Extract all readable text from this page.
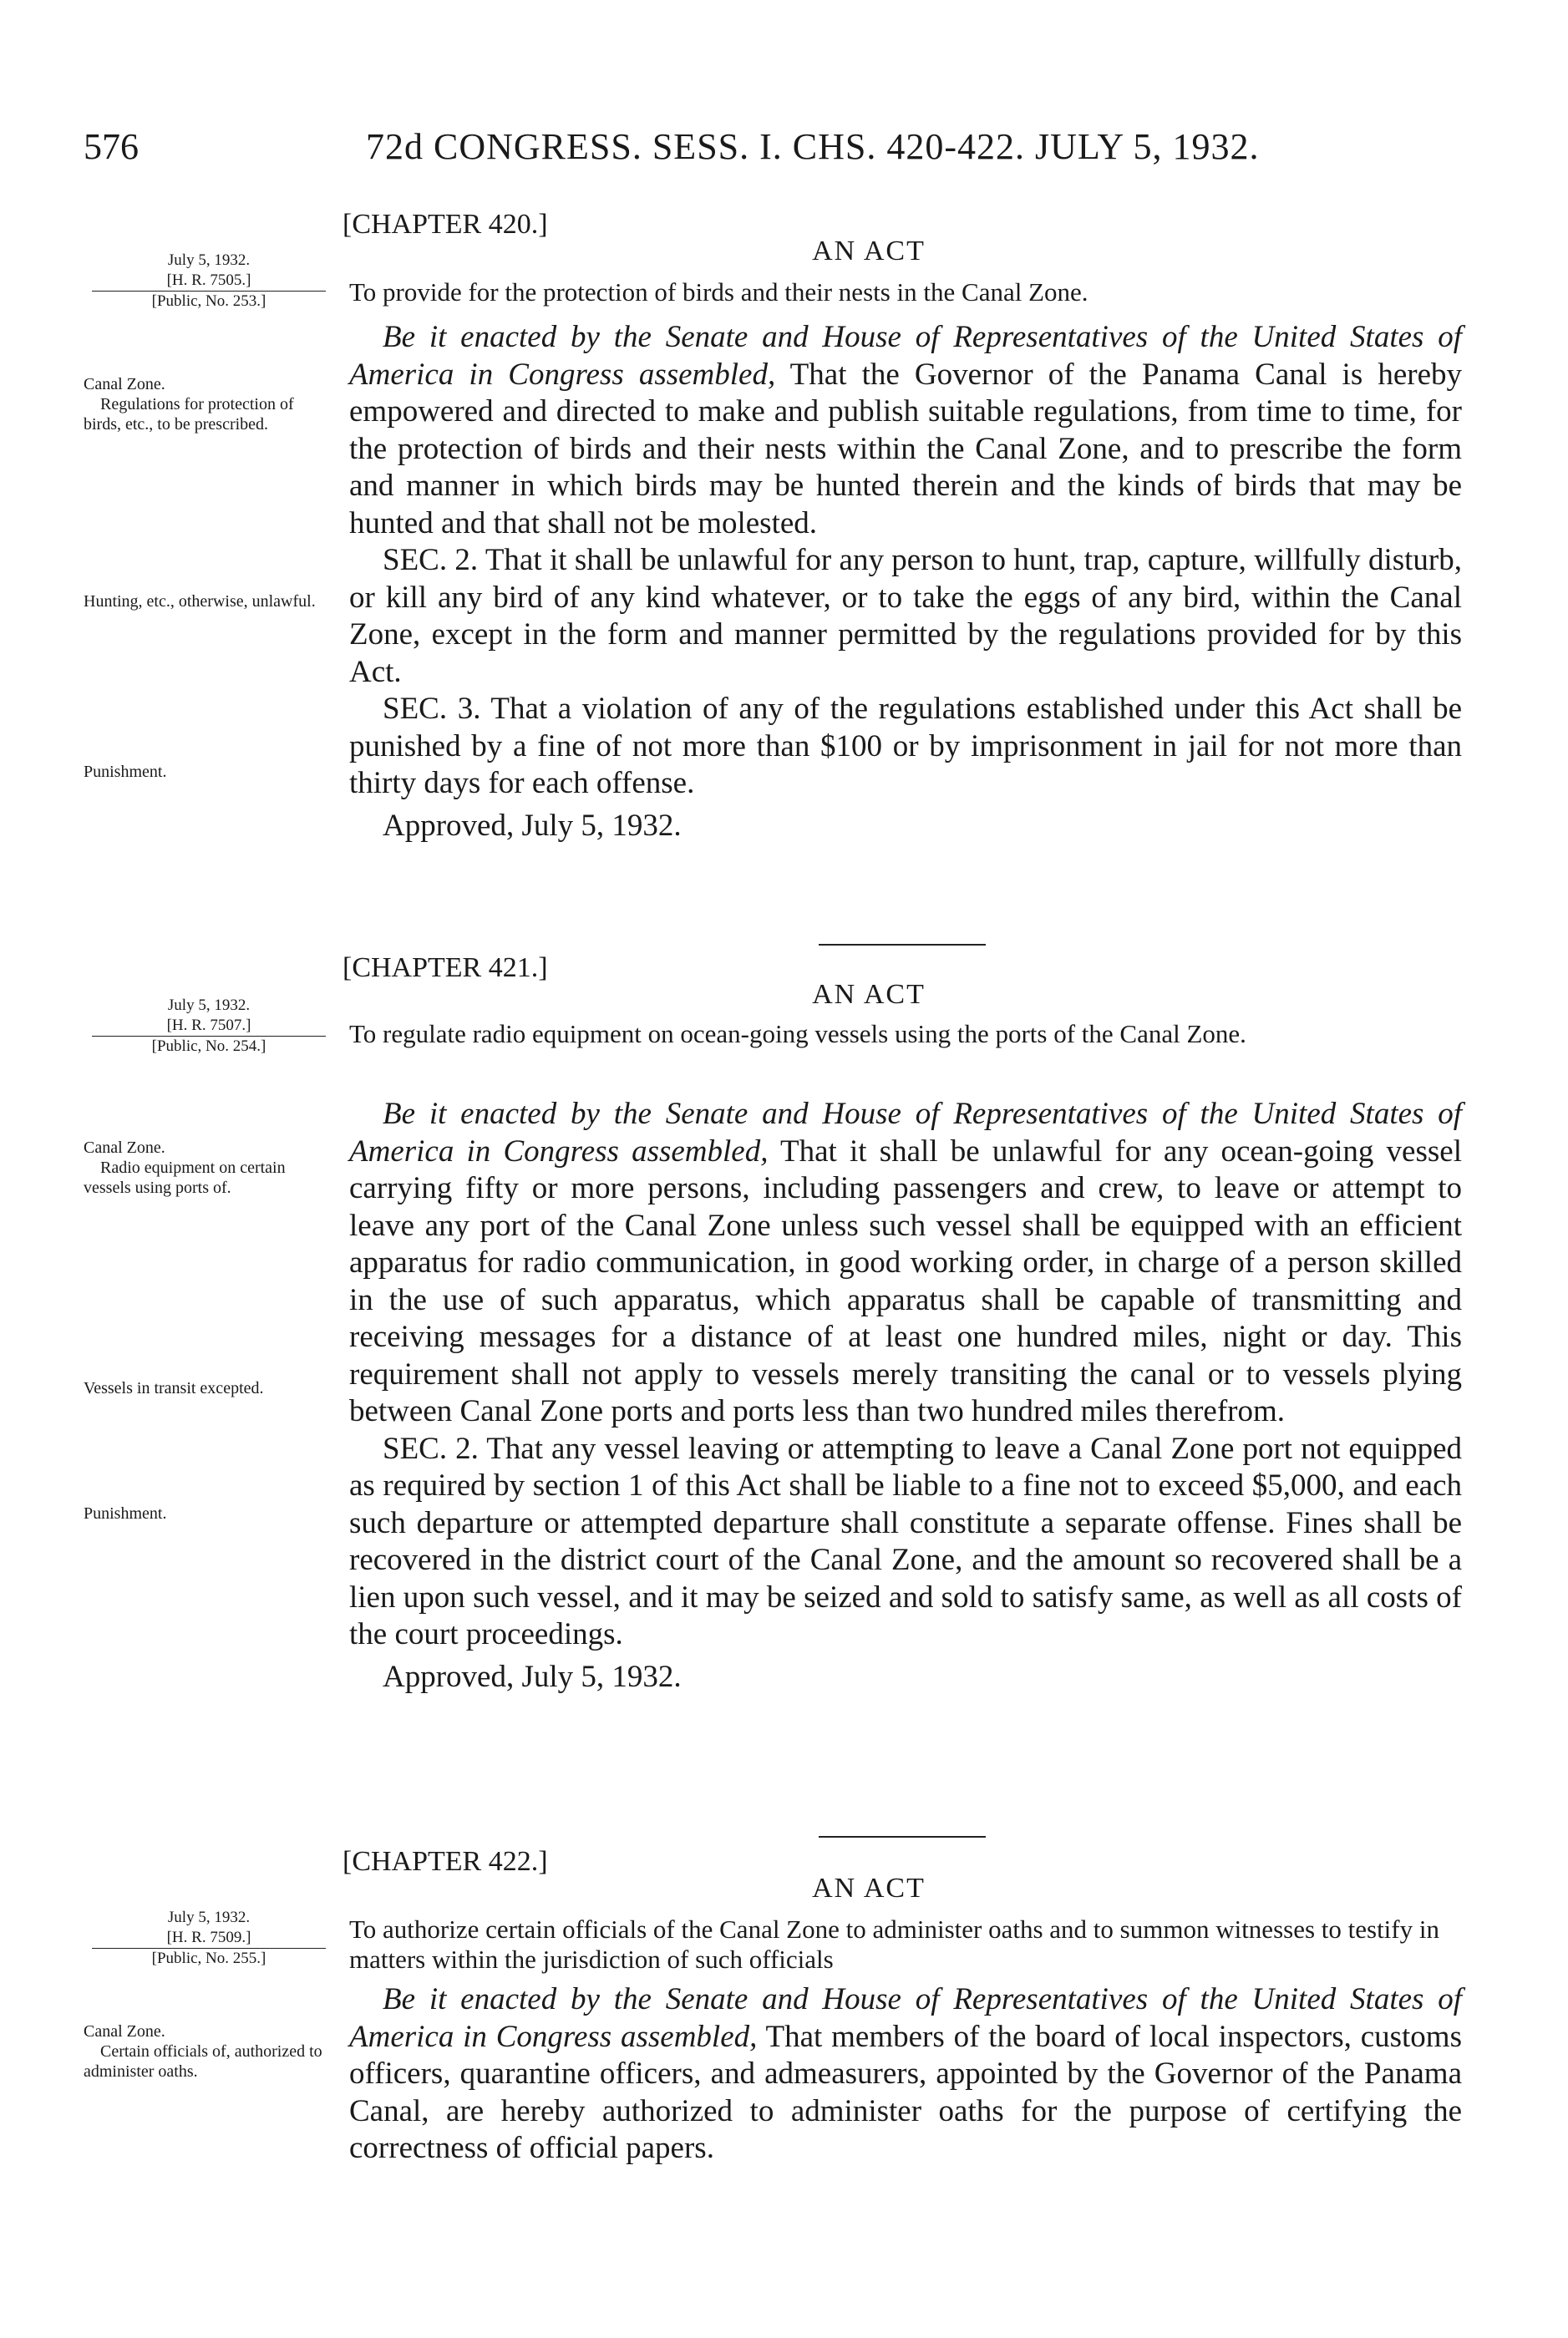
576	72d CONGRESS. SESS. I. CHS. 420-422. JULY 5, 1932.
[CHAPTER 420.]
AN ACT
July 5, 1932.
[H. R. 7505.]
[Public, No. 253.]	To provide for the protection of birds and their nests in the Canal Zone.
Canal Zone.
Regulations for protection of birds, etc., to be prescribed.
Hunting, etc., otherwise, unlawful.
Punishment.

Be it enacted by the Senate and House of Representatives of the United States of America in Congress assembled, That the Governor of the Panama Canal is hereby empowered and directed to make and publish suitable regulations, from time to time, for the protection of birds and their nests within the Canal Zone, and to prescribe the form and manner in which birds may be hunted therein and the kinds of birds that may be hunted and that shall not be molested.

SEC. 2. That it shall be unlawful for any person to hunt, trap, capture, willfully disturb, or kill any bird of any kind whatever, or to take the eggs of any bird, within the Canal Zone, except in the form and manner permitted by the regulations provided for by this Act.

SEC. 3. That a violation of any of the regulations established under this Act shall be punished by a fine of not more than $100 or by imprisonment in jail for not more than thirty days for each offense.

Approved, July 5, 1932.

[CHAPTER 421.]
AN ACT
July 5, 1932.
[H. R. 7507.]
[Public, No. 254.]	To regulate radio equipment on ocean-going vessels using the ports of the Canal Zone.
Canal Zone.
Radio equipment on certain vessels using ports of.
Vessels in transit excepted.
Punishment.

Be it enacted by the Senate and House of Representatives of the United States of America in Congress assembled, That it shall be unlawful for any ocean-going vessel carrying fifty or more persons, including passengers and crew, to leave or attempt to leave any port of the Canal Zone unless such vessel shall be equipped with an efficient apparatus for radio communication, in good working order, in charge of a person skilled in the use of such apparatus, which apparatus shall be capable of transmitting and receiving messages for a distance of at least one hundred miles, night or day. This requirement shall not apply to vessels merely transiting the canal or to vessels plying between Canal Zone ports and ports less than two hundred miles therefrom.

SEC. 2. That any vessel leaving or attempting to leave a Canal Zone port not equipped as required by section 1 of this Act shall be liable to a fine not to exceed $5,000, and each such departure or attempted departure shall constitute a separate offense. Fines shall be recovered in the district court of the Canal Zone, and the amount so recovered shall be a lien upon such vessel, and it may be seized and sold to satisfy same, as well as all costs of the court proceedings.

Approved, July 5, 1932.

[CHAPTER 422.]
AN ACT
July 5, 1932.
[H. R. 7509.]
[Public, No. 255.]
To authorize certain officials of the Canal Zone to administer oaths and to summon witnesses to testify in matters within the jurisdiction of such officials
Canal Zone.
Certain officials of, authorized to administer oaths.

Be it enacted by the Senate and House of Representatives of the United States of America in Congress assembled, That members of the board of local inspectors, customs officers, quarantine officers, and admeasurers, appointed by the Governor of the Panama Canal, are hereby authorized to administer oaths for the purpose of certifying the correctness of official papers.
